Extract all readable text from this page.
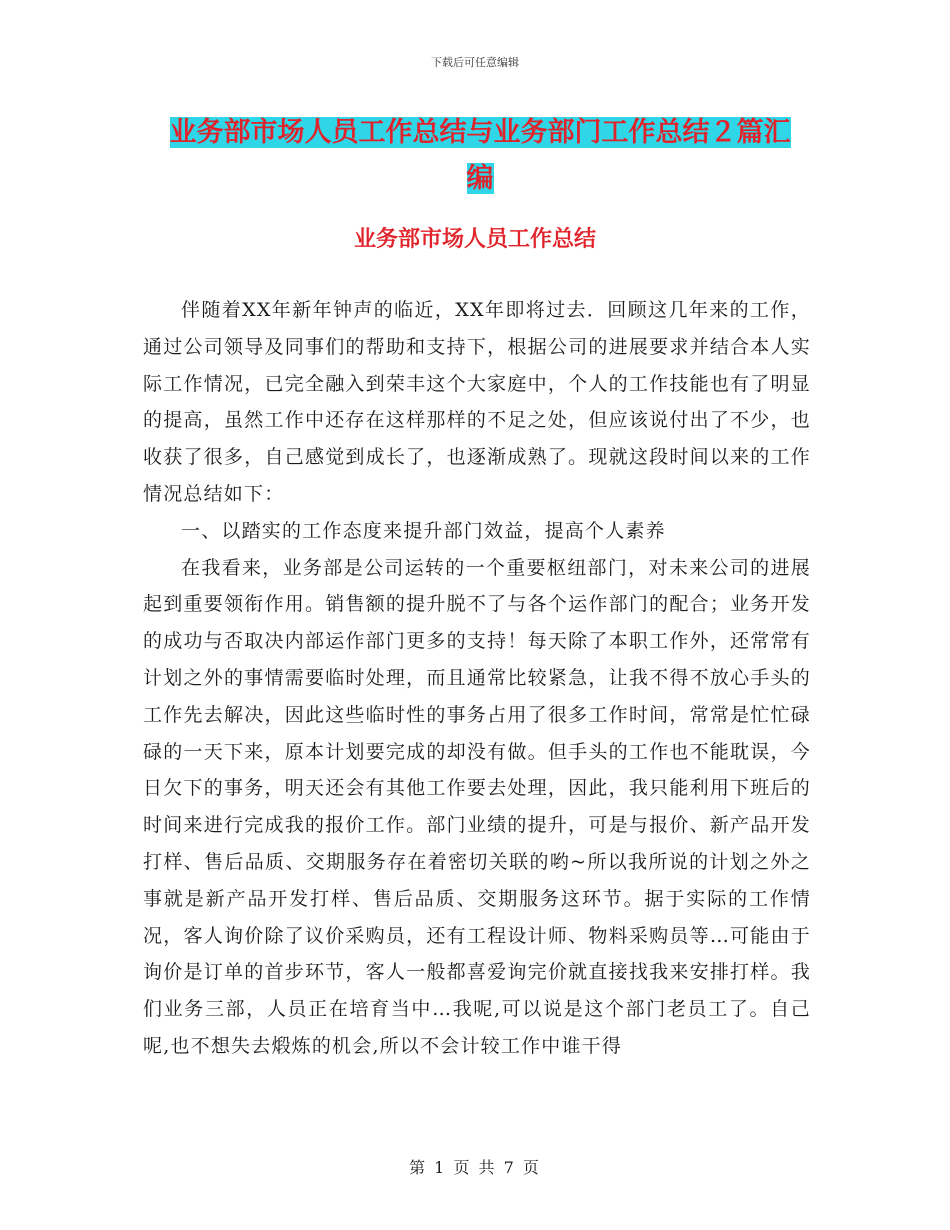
下载后可任意编辑
业务部市场人员工作总结与业务部门工作总结２篇汇
编
业务部市场人员工作总结

伴随着XX年新年钟声的临近，XX年即将过去．回顾这几年来的工作， 通过公司领导及同事们的帮助和支持下，根据公司的进展要求并结合本人实际工作情况，已完全融入到荣丰这个大家庭中，个人的工作技能也有了明显的提高，虽然工作中还存在这样那样的不足之处，但应该说付出了不少，也收获了很多，自己感觉到成长了，也逐渐成熟了。现就这段时间以来的工作情况总结如下：

一、以踏实的工作态度来提升部门效益，提高个人素养

在我看来，业务部是公司运转的一个重要枢纽部门，对未来公司的进展起到重要领衔作用。销售额的提升脱不了与各个运作部门的配合；业务开发的成功与否取决内部运作部门更多的支持！每天除了本职工作外，还常常有计划之外的事情需要临时处理，而且通常比较紧急，让我不得不放心手头的工作先去解决，因此这些临时性的事务占用了很多工作时间，常常是忙忙碌碌的一天下来，原本计划要完成的却没有做。但手头的工作也不能耽误，今日欠下的事务，明天还会有其他工作要去处理，因此，我只能利用下班后的时间来进行完成我的报价工作。部门业绩的提升，可是与报价、新产品开发打样、售后品质、交期服务存在着密切关联的哟~所以我所说的计划之外之事就是新产品开发打样、售后品质、交期服务这环节。据于实际的工作情况，客人询价除了议价采购员，还有工程设计师、物料采购员等…可能由于询价是订单的首步环节，客人一般都喜爱询完价就直接找我来安排打样。我们业务三部，人员正在培育当中…我呢,可以说是这个部门老员工了。自己呢,也不想失去煅炼的机会,所以不会计较工作中谁干得

第 1 页 共 7 页
